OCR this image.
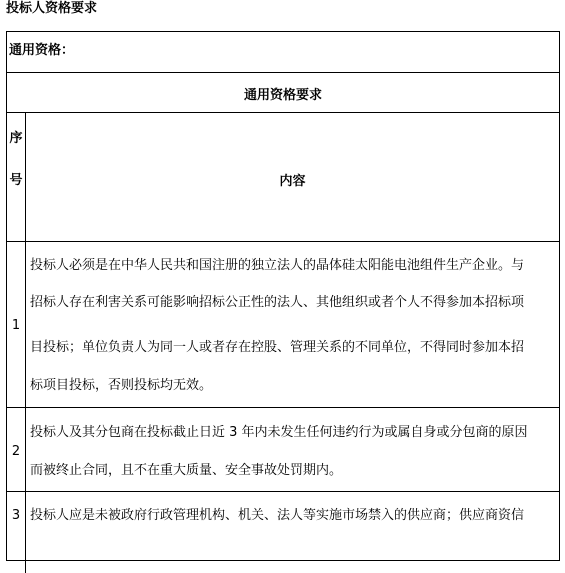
投标人资格要求
通用资格：
通用资格要求
序
号	内容
1

投标人必须是在中华人民共和国注册的独立法人的晶体硅太阳能电池组件生产企业。与

招标人存在利害关系可能影响招标公正性的法人、其他组织或者个人不得参加本招标项

目投标；单位负责人为同一人或者存在控股、管理关系的不同单位，不得同时参加本招

标项目投标，否则投标均无效。

2

投标人及其分包商在投标截止日近 3 年内未发生任何违约行为或属自身或分包商的原因

而被终止合同，且不在重大质量、安全事故处罚期内。

3 投标人应是未被政府行政管理机构、机关、法人等实施市场禁入的供应商；供应商资信
